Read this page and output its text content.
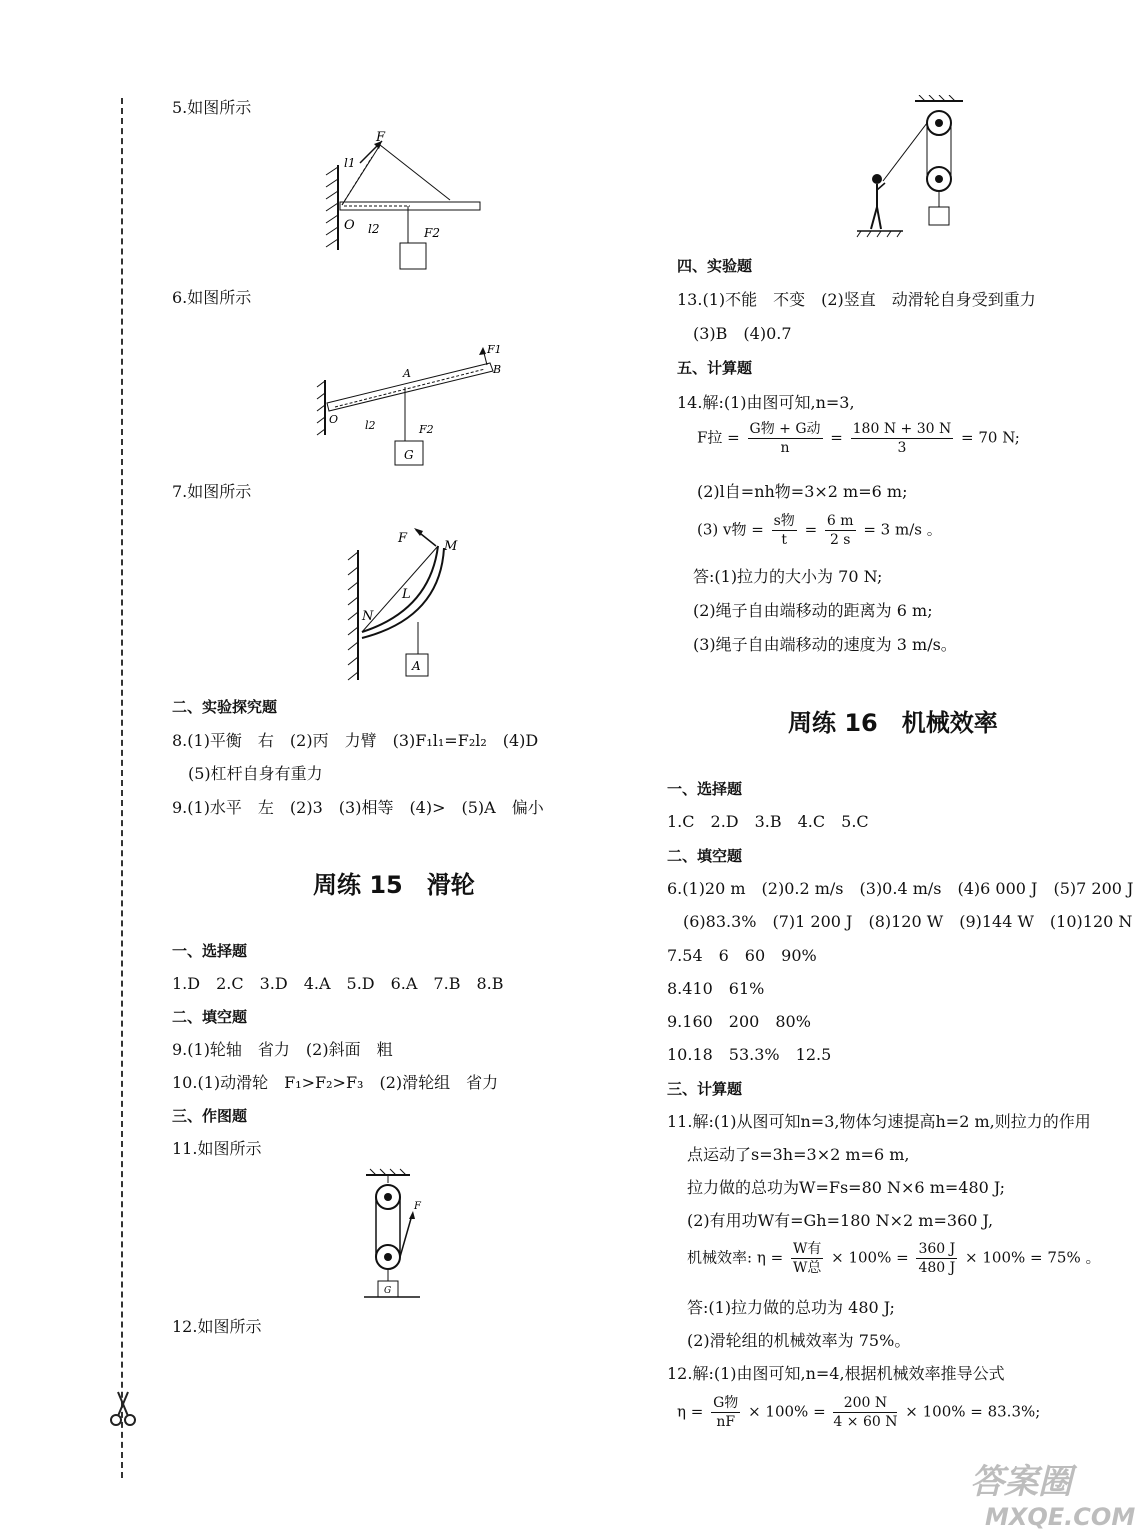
5.如图所示
F
l1
O l2	F2
6.如图所示
F1
A	B
O l2	F2
G
7.如图所示
F
M
L
N
A
二、实验探究题
8.(1)平衡　右　(2)丙　力臂　(3)F₁l₁=F₂l₂　(4)D
(5)杠杆自身有重力
9.(1)水平　左　(2)3　(3)相等　(4)>　(5)A　偏小
周练 15　滑轮
一、选择题
1.D　2.C　3.D　4.A　5.D　6.A　7.B　8.B
二、填空题
9.(1)轮轴　省力　(2)斜面　粗
10.(1)动滑轮　F₁>F₂>F₃　(2)滑轮组　省力
三、作图题
11.如图所示
F
G
12.如图所示
四、实验题
13.(1)不能　不变　(2)竖直　动滑轮自身受到重力
(3)B　(4)0.7
五、计算题
14.解:(1)由图可知,n=3,
F拉 = $\frac{\text{G物 + G动}}{n} = \frac{180 N + 30 N}{3} = 70$ N;
(2)l自=nh物=3×2 m=6 m;
(3) v物 = $\frac{\text{s物}}{t} = \frac{6 m}{2 s} = 3$ m/s 。
答:(1)拉力的大小为 70 N;
(2)绳子自由端移动的距离为 6 m;
(3)绳子自由端移动的速度为 3 m/s。
周练 16　机械效率
一、选择题
1.C　2.D　3.B　4.C　5.C
二、填空题
6.(1)20 m　(2)0.2 m/s　(3)0.4 m/s　(4)6 000 J　(5)7 200 J
(6)83.3%　(7)1 200 J　(8)120 W　(9)144 W　(10)120 N
7.54　6　60　90%
8.410　61%
9.160　200　80%
10.18　53.3%　12.5
三、计算题
11.解:(1)从图可知n=3,物体匀速提高h=2 m,则拉力的作用
点运动了s=3h=3×2 m=6 m,
拉力做的总功为W=Fs=80 N×6 m=480 J;
(2)有用功W有=Gh=180 N×2 m=360 J,
机械效率: $\eta = \frac{\text{W有}}{\text{W总}} \times 100\% = \frac{360 J}{480 J} \times 100\% = 75\%$ 。
答:(1)拉力做的总功为 480 J;
(2)滑轮组的机械效率为 75%。
12.解:(1)由图可知,n=4,根据机械效率推导公式
$\eta = \frac{\text{G物}}{nF} \times 100\% = \frac{200 N}{4 \times 60 N} \times 100\% = 83.3\%$;
答案圈
MXQE.COM
